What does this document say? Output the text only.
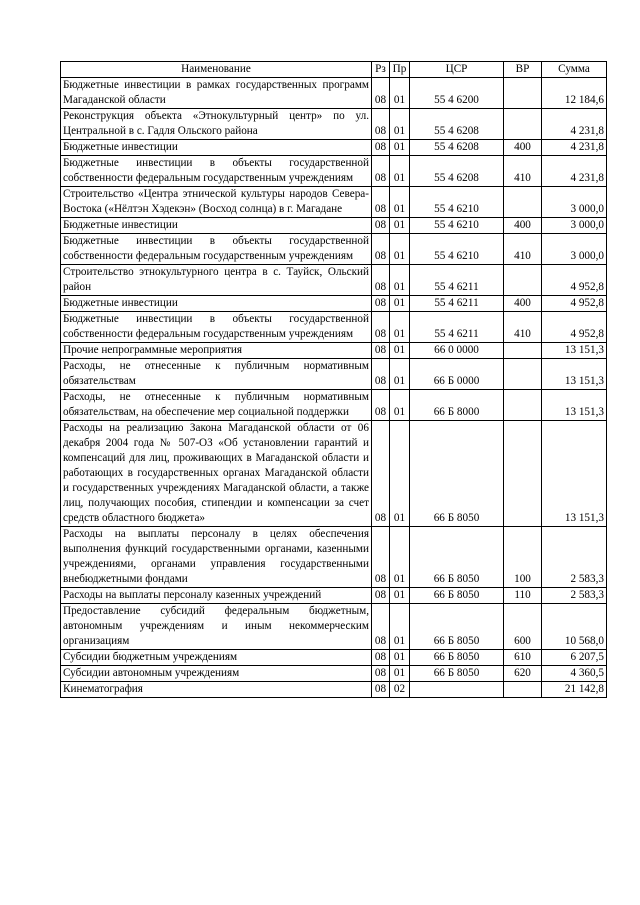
Наименование	Рз	Пр	ЦСР	ВР	Сумма
Бюджетные инвестиции в рамках государственных программ Магаданской области	08	01	55 4 6200		12 184,6
Реконструкция объекта «Этнокультурный центр» по ул. Центральной в с. Гадля Ольского района	08	01	55 4 6208		4 231,8
Бюджетные инвестиции	08	01	55 4 6208	400	4 231,8
Бюджетные инвестиции в объекты государственной собственности федеральным государственным учреждениям	08	01	55 4 6208	410	4 231,8
Строительство «Центра этнической культуры народов Севера-Востока («Нёлтэн Хэдекэн» (Восход солнца) в г. Магадане	08	01	55 4 6210		3 000,0
Бюджетные инвестиции	08	01	55 4 6210	400	3 000,0
Бюджетные инвестиции в объекты государственной собственности федеральным государственным учреждениям	08	01	55 4 6210	410	3 000,0
Строительство этнокультурного центра в с. Тауйск, Ольский район	08	01	55 4 6211		4 952,8
Бюджетные инвестиции	08	01	55 4 6211	400	4 952,8
Бюджетные инвестиции в объекты государственной собственности федеральным государственным учреждениям	08	01	55 4 6211	410	4 952,8
Прочие непрограммные мероприятия	08	01	66 0 0000		13 151,3
Расходы, не отнесенные к публичным нормативным обязательствам	08	01	66 Б 0000		13 151,3
Расходы, не отнесенные к публичным нормативным обязательствам, на обеспечение мер социальной поддержки	08	01	66 Б 8000		13 151,3
Расходы на реализацию Закона Магаданской области от 06 декабря 2004 года № 507-ОЗ «Об установлении гарантий и компенсаций для лиц, проживающих в Магаданской области и работающих в государственных органах Магаданской области и государственных учреждениях Магаданской области, а также лиц, получающих пособия, стипендии и компенсации за счет средств областного бюджета»	08	01	66 Б 8050		13 151,3
Расходы на выплаты персоналу в целях обеспечения выполнения функций государственными органами, казенными учреждениями, органами управления государственными внебюджетными фондами	08	01	66 Б 8050	100	2 583,3
Расходы на выплаты персоналу казенных учреждений	08	01	66 Б 8050	110	2 583,3
Предоставление субсидий федеральным бюджетным, автономным учреждениям и иным некоммерческим организациям	08	01	66 Б 8050	600	10 568,0
Субсидии бюджетным учреждениям	08	01	66 Б 8050	610	6 207,5
Субсидии автономным учреждениям	08	01	66 Б 8050	620	4 360,5
Кинематография	08	02			21 142,8
